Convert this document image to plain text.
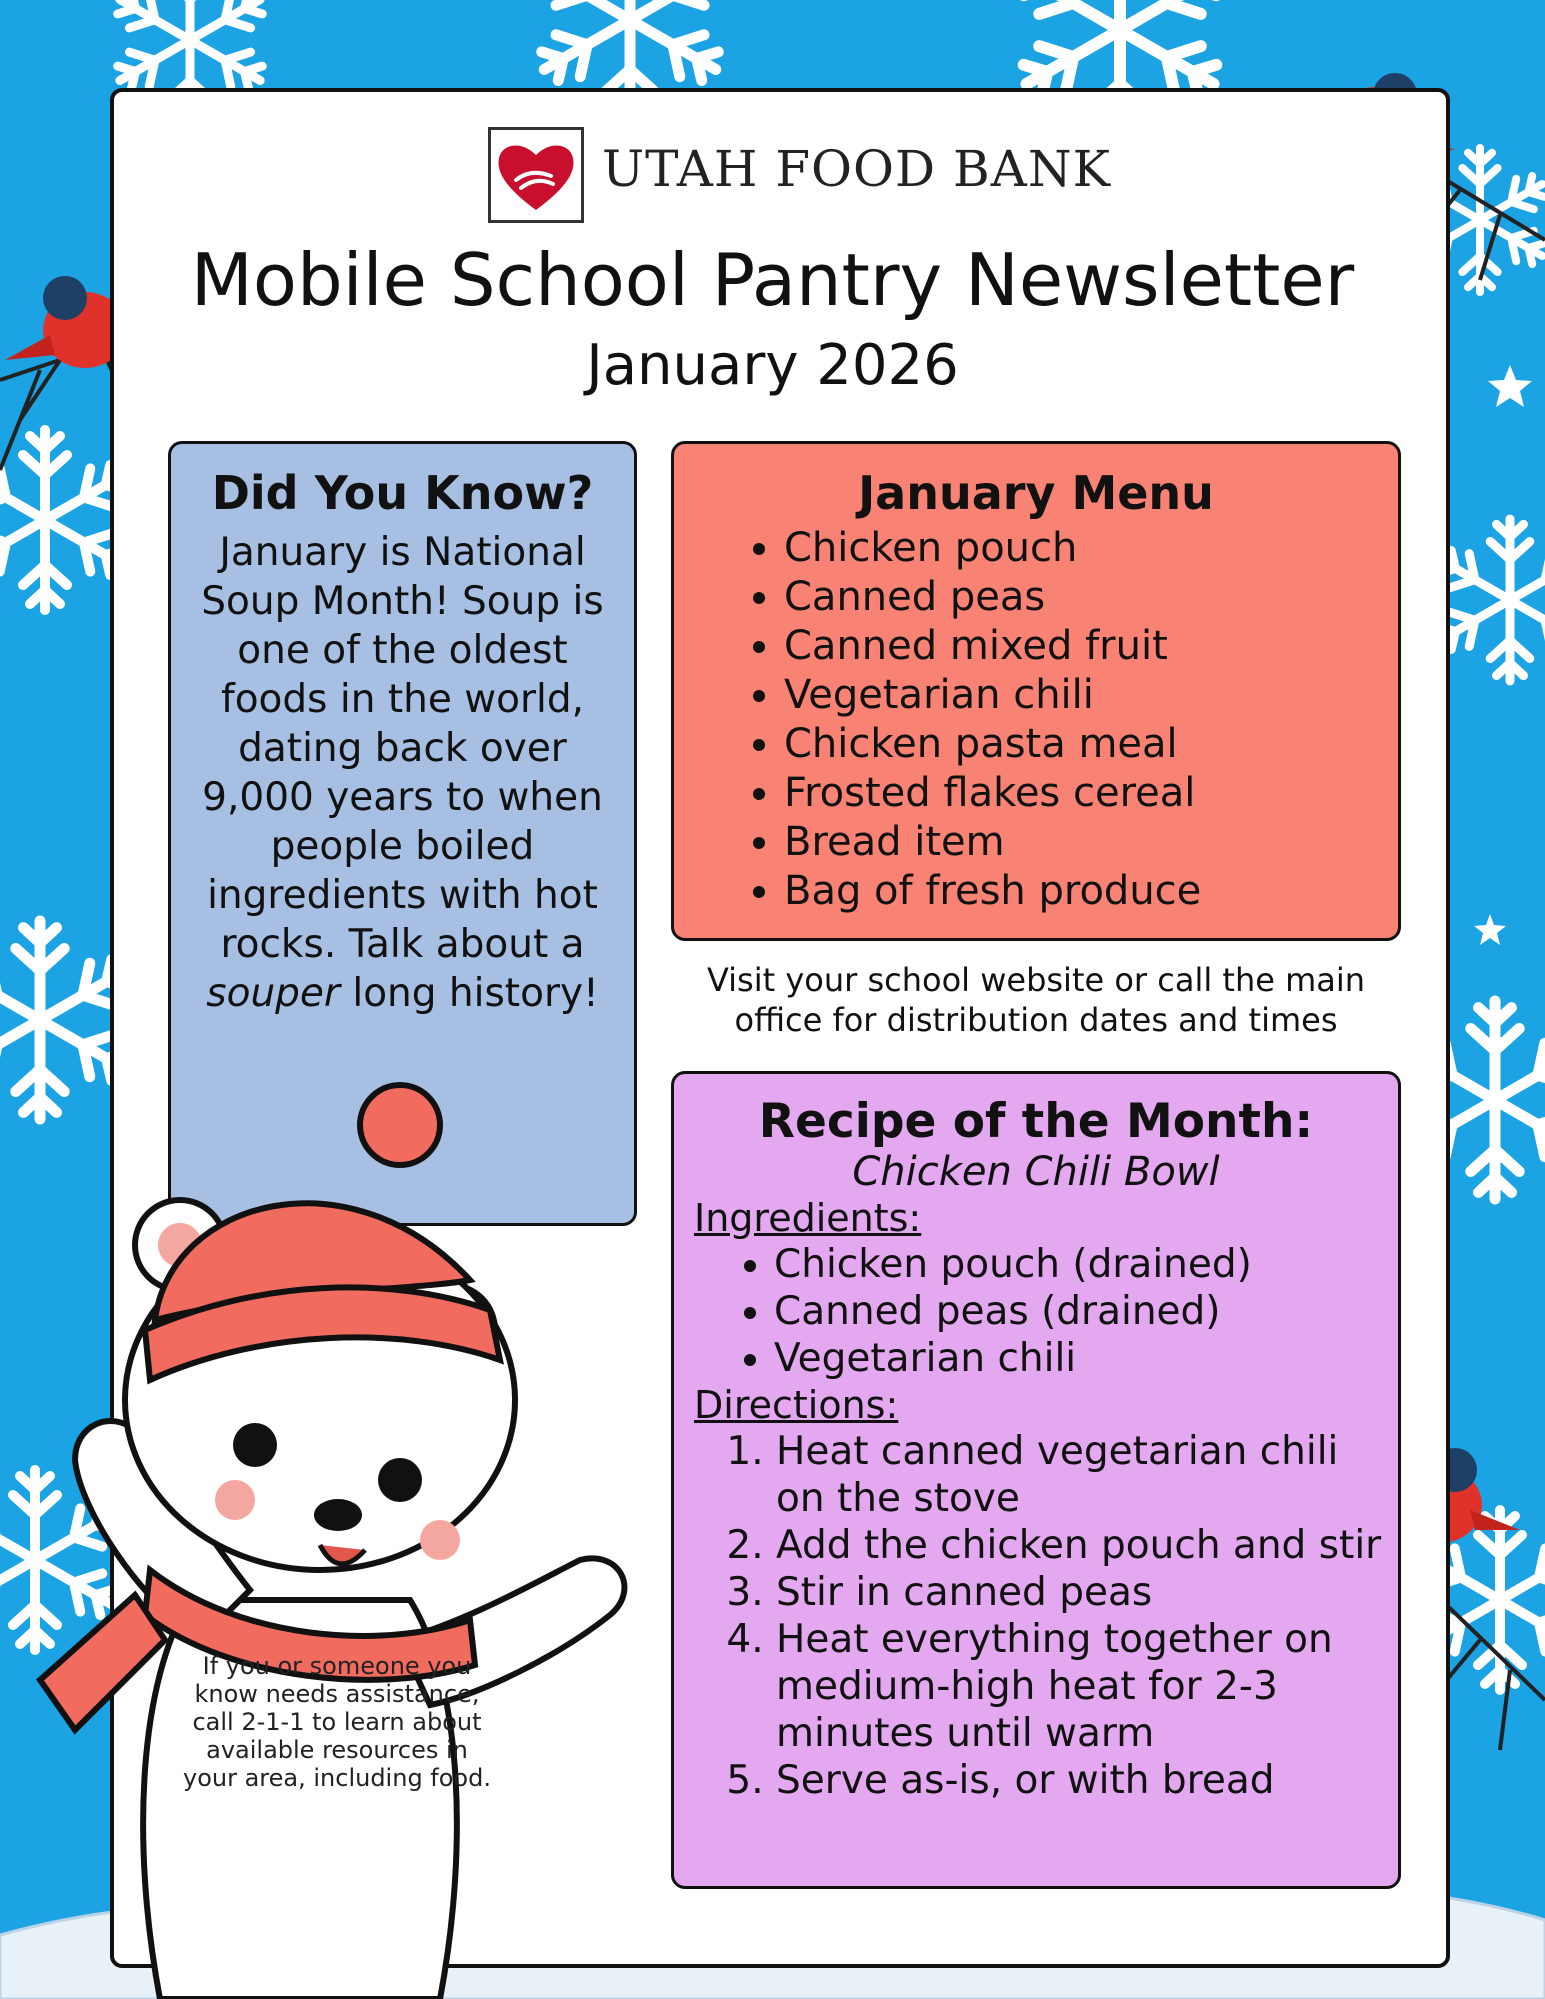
UTAH FOOD BANK
Mobile School Pantry Newsletter
January 2026
Did You Know?

January is National Soup Month! Soup is one of the oldest foods in the world, dating back over 9,000 years to when people boiled ingredients with hot rocks. Talk about a souper long history!

January Menu
• Chicken pouch
• Canned peas
• Canned mixed fruit
• Vegetarian chili
• Chicken pasta meal
• Frosted flakes cereal
• Bread item
• Bag of fresh produce
Visit your school website or call the main
office for distribution dates and times
Recipe of the Month:
Chicken Chili Bowl
Ingredients:
• Chicken pouch (drained)
• Canned peas (drained)
• Vegetarian chili
Directions:
1. Heat canned vegetarian chili on the stove
2. Add the chicken pouch and stir
3. Stir in canned peas
4. Heat everything together on medium-high heat for 2-3 minutes until warm
5. Serve as-is, or with bread
If you or someone you know needs assistance, call 2-1-1 to learn about available resources in your area, including food.
